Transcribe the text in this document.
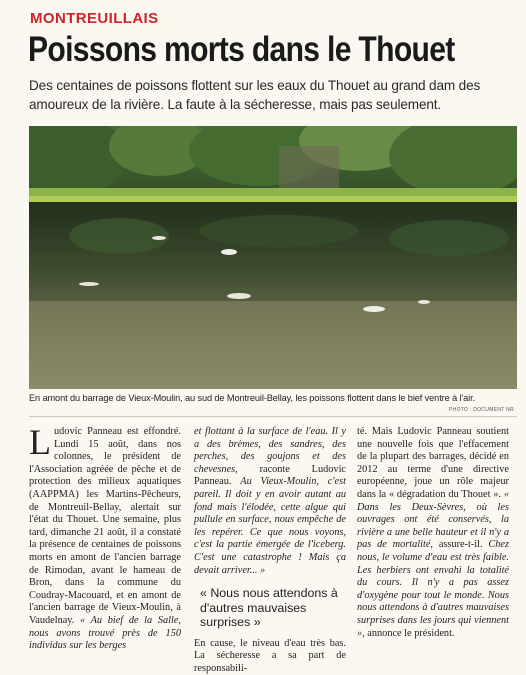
MONTREUILLAIS
Poissons morts dans le Thouet
Des centaines de poissons flottent sur les eaux du Thouet au grand dam des amoureux de la rivière. La faute à la sécheresse, mais pas seulement.
En amont du barrage de Vieux-Moulin, au sud de Montreuil-Bellay, les poissons flottent dans le bief ventre à l'air.
PHOTO : DOCUMENT NR

Ludovic Panneau est effondré. Lundi 15 août, dans nos colonnes, le président de l'Association agréée de pêche et de protection des milieux aquatiques (AAPPMA) les Martins-Pêcheurs, de Montreuil-Bellay, alertait sur l'état du Thouet. Une semaine, plus tard, dimanche 21 août, il a constaté la présence de centaines de poissons morts en amont de l'ancien barrage de Rimodan, avant le hameau de Bron, dans la commune du Coudray-Macouard, et en amont de l'ancien barrage de Vieux-Moulin, à Vaudelnay. « Au bief de la Salle, nous avons trouvé près de 150 individus sur les berges

et flottant à la surface de l'eau. Il y a des brèmes, des sandres, des perches, des goujons et des chevesnes, raconte Ludovic Panneau. Au Vieux-Moulin, c'est pareil. Il doit y en avoir autant au fond mais l'élodée, cette algue qui pullule en surface, nous empêche de les repérer. Ce que nous voyons, c'est la partie émergée de l'iceberg. C'est une catastrophe ! Mais ça devait arriver... »

« Nous nous attendons à d'autres mauvaises surprises »

En cause, le niveau d'eau très bas. La sécheresse a sa part de responsabili-

té. Mais Ludovic Panneau soutient une nouvelle fois que l'effacement de la plupart des barrages, décidé en 2012 au terme d'une directive européenne, joue un rôle majeur dans la « dégradation du Thouet ». « Dans les Deux-Sèvres, où les ouvrages ont été conservés, la rivière a une belle hauteur et il n'y a pas de mortalité, assure-t-il. Chez nous, le volume d'eau est très faible. Les herbiers ont envahi la totalité du cours. Il n'y a pas assez d'oxygène pour tout le monde. Nous nous attendons à d'autres mauvaises surprises dans les jours qui viennent », annonce le président.
